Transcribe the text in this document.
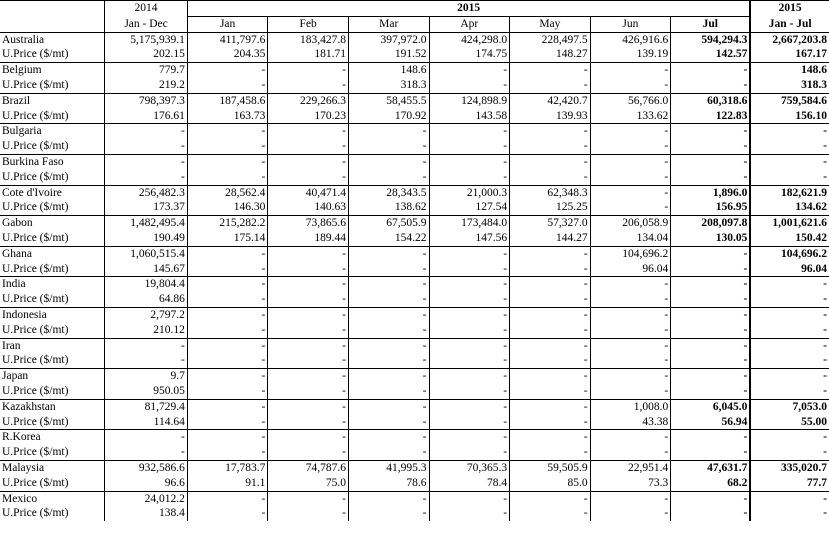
	2014	2015							2015
	Jan - Dec	Jan	Feb	Mar	Apr	May	Jun	Jul	Jan - Jul
Australia	5,175,939.1	411,797.6	183,427.8	397,972.0	424,298.0	228,497.5	426,916.6	594,294.3	2,667,203.8
U.Price ($/mt)	202.15	204.35	181.71	191.52	174.75	148.27	139.19	142.57	167.17
Belgium	779.7	-	-	148.6	-	-	-	-	148.6
U.Price ($/mt)	219.2	-	-	318.3	-	-	-	-	318.3
Brazil	798,397.3	187,458.6	229,266.3	58,455.5	124,898.9	42,420.7	56,766.0	60,318.6	759,584.6
U.Price ($/mt)	176.61	163.73	170.23	170.92	143.58	139.93	133.62	122.83	156.10
Bulgaria	-	-	-	-	-	-	-	-	-
U.Price ($/mt)	-	-	-	-	-	-	-	-	-
Burkina Faso	-	-	-	-	-	-	-	-	-
U.Price ($/mt)	-	-	-	-	-	-	-	-	-
Cote d'Ivoire	256,482.3	28,562.4	40,471.4	28,343.5	21,000.3	62,348.3	-	1,896.0	182,621.9
U.Price ($/mt)	173.37	146.30	140.63	138.62	127.54	125.25	-	156.95	134.62
Gabon	1,482,495.4	215,282.2	73,865.6	67,505.9	173,484.0	57,327.0	206,058.9	208,097.8	1,001,621.6
U.Price ($/mt)	190.49	175.14	189.44	154.22	147.56	144.27	134.04	130.05	150.42
Ghana	1,060,515.4	-	-	-	-	-	104,696.2	-	104,696.2
U.Price ($/mt)	145.67	-	-	-	-	-	96.04	-	96.04
India	19,804.4	-	-	-	-	-	-	-	-
U.Price ($/mt)	64.86	-	-	-	-	-	-	-	-
Indonesia	2,797.2	-	-	-	-	-	-	-	-
U.Price ($/mt)	210.12	-	-	-	-	-	-	-	-
Iran	-	-	-	-	-	-	-	-	-
U.Price ($/mt)	-	-	-	-	-	-	-	-	-
Japan	9.7	-	-	-	-	-	-	-	-
U.Price ($/mt)	950.05	-	-	-	-	-	-	-	-
Kazakhstan	81,729.4	-	-	-	-	-	1,008.0	6,045.0	7,053.0
U.Price ($/mt)	114.64	-	-	-	-	-	43.38	56.94	55.00
R.Korea	-	-	-	-	-	-	-	-	-
U.Price ($/mt)	-	-	-	-	-	-	-	-	-
Malaysia	932,586.6	17,783.7	74,787.6	41,995.3	70,365.3	59,505.9	22,951.4	47,631.7	335,020.7
U.Price ($/mt)	96.6	91.1	75.0	78.6	78.4	85.0	73.3	68.2	77.7
Mexico	24,012.2	-	-	-	-	-	-	-	-
U.Price ($/mt)	138.4	-	-	-	-	-	-	-	-
